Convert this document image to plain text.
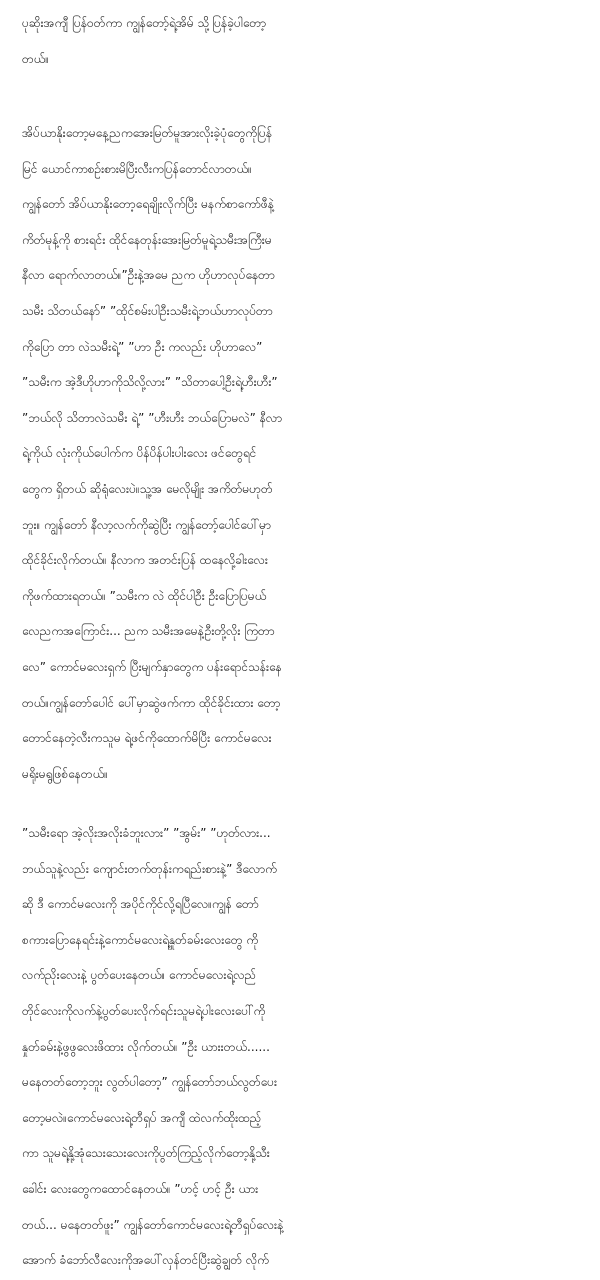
ပုဆိုးအကျီ ပြန်ဝတ်ကာ ကျွန်တော့်ရဲ့အိမ် သို့ပြန်ခဲ့ပါတော့
တယ်။
အိပ်ယာနိုးတော့မနေ့ညကအေးမြတ်မူအားလိုးခဲ့ပုံတွေကိုပြန်
မြင် ယောင်ကာစဉ်းစားမိပြီးလီးကပြန်တောင်လာတယ်။
ကျွန်တော် အိပ်ယာနိုးတော့ရေချိုးလိုက်ပြီး မနက်စာကော်ဖီနဲ့
ကိတ်မုန့်ကို စားရင်း ထိုင်နေတုန်းအေးမြတ်မူရဲ့သမီးအကြီးမ
နီလာ ရောက်လာတယ်။”ဦးနဲ့အမေ ညက ဟိုဟာလုပ်နေတာ
သမီး သိတယ်နော်” ”ထိုင်စမ်းပါဦးသမီးရဲ့ဘယ်ဟာလုပ်တာ
ကိုပြော တာ လဲသမီးရဲ့” ”ဟာ ဦး ကလည်း ဟိုဟာလေ”
”သမီးက အဲ့ဒီဟိုဟာကိုသိလို့လား” ”သိတာပေါ့ဦးရဲ့ဟီးဟီး”
”ဘယ်လို သိတာလဲသမီး ရဲ့” ”ဟီးဟီး ဘယ်ပြောမလဲ” နီလာ
ရဲ့ကိုယ် လုံးကိုယ်ပေါက်က ပိန်ပိန်ပါးပါးလေး ဖင်တွေရင်
တွေက ရှိတယ် ဆိုရုံလေးပဲ။သူ့အ မေလိုမျိုး အကိတ်မဟုတ်
ဘူး။ ကျွန်တော် နီလာ့လက်ကိုဆွဲပြီး ကျွန်တော့်ပေါင်ပေါ်မှာ
ထိုင်ခိုင်းလိုက်တယ်။ နီလာက အတင်းပြန် ထနေလို့ခါးလေး
ကိုဖက်ထားရတယ်။ ”သမီးက လဲ ထိုင်ပါဦး ဦးပြောပြမယ်
လေညကအကြောင်း... ညက သမီးအမေနဲ့ဦးတို့လိုး ကြတာ
လေ” ကောင်မလေးရှက် ပြီးမျက်နှာတွေက ပန်းရောင်သန်းနေ
တယ်။ကျွန်တော်ပေါင် ပေါ်မှာဆွဲဖက်ကာ ထိုင်ခိုင်းထား တော့
တောင်နေတဲ့လီးကသူမ ရဲ့ဖင်ကိုထောက်မိပြီး ကောင်မလေး
မရိုးမရွဖြစ်နေတယ်။
”သမီးရော အဲ့လိုးအလိုးခံဘူးလား” ”အွမ်း” ”ဟုတ်လား...
ဘယ်သူနဲ့လည်း ကျောင်းတက်တုန်းကရည်းစားနဲ့” ဒီလောက်
ဆို ဒီ ကောင်မလေးကို အပိုင်ကိုင်လို့ရပြီလေ။ကျွန် တော်
စကားပြောနေရင်းနဲ့ကောင်မလေးရဲ့နှုတ်ခမ်းလေးတွေ ကို
လက်ညိုးလေးနဲ့ ပွတ်ပေးနေတယ်။ ကောင်မလေးရဲ့လည်
တိုင်လေးကိုလက်နဲ့ပွတ်ပေးလိုက်ရင်းသူမရဲ့ပါးလေးပေါ်ကို
နှုတ်ခမ်းနဲ့ဖွဖွလေးဖိထား လိုက်တယ်။ ”ဦး ယားးတယ်......
မနေတတ်တော့ဘူး လွတ်ပါတော့” ကျွန်တော်ဘယ်လွတ်ပေး
တော့မလဲ။ကောင်မလေးရဲ့တီရှပ် အကျီ ထဲလက်ထိုးထည့်
ကာ သူမရဲ့နို့အုံသေးသေးလေးကိုပွတ်ကြည့်လိုက်တော့နို့သီး
ခေါင်း လေးတွေကထောင်နေတယ်။ ”ဟင့် ဟင့် ဦး ယား
တယ်... မနေတတ်ဖူး” ကျွန်တော်ကောင်မလေးရဲ့တီရှပ်လေးနဲ့
အောက် ခံဘော်လီလေးကိုအပေါ်လှန်တင်ပြီးဆွဲချွတ် လိုက်
